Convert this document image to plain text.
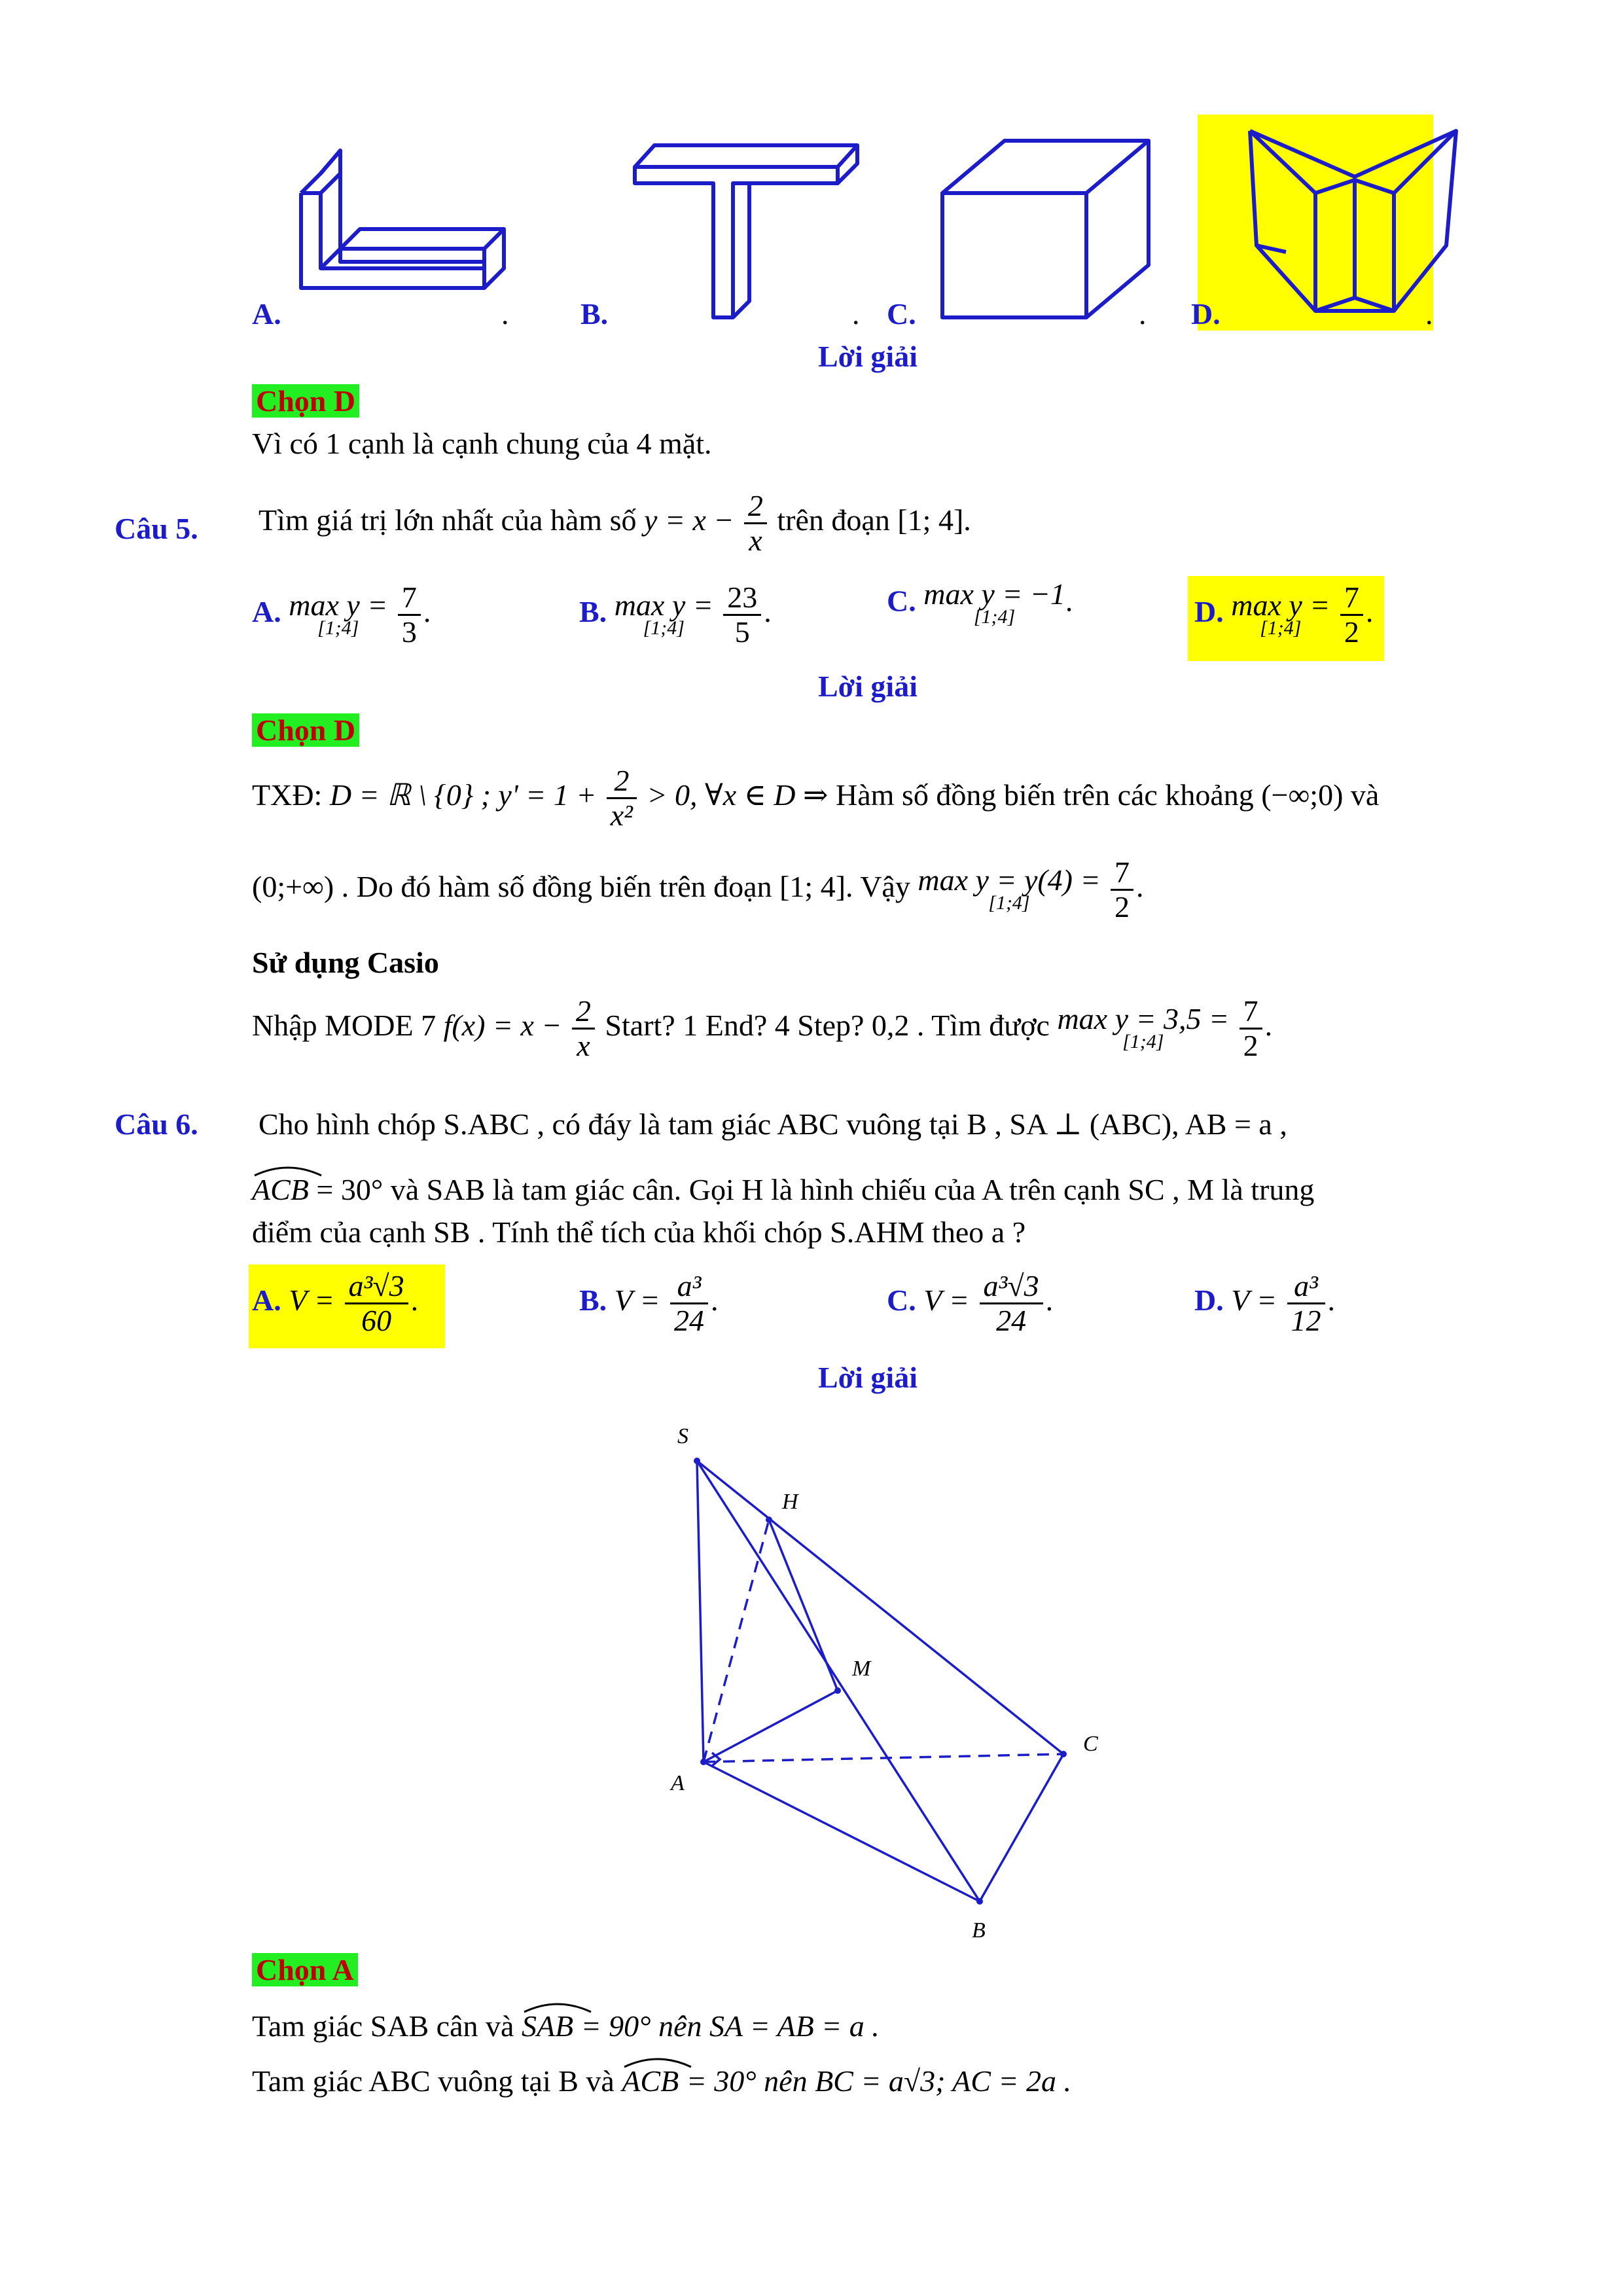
A.	. B.	. C.	. D.	.
Lời giải
Chọn D
Vì có 1 cạnh là cạnh chung của 4 mặt.
Câu 5. Tìm giá trị lớn nhất của hàm số $y = x - \frac{2}{x}$ trên đoạn [1; 4].
A. max y =
[1;4]
	$\frac{7}{3}$ .	B. max y =
[1;4]
	$\frac{23}{5}$ .	C. max y = −1
[1;4]	.	D. max y =
[1;4]
	$\frac{7}{2}$ .
Lời giải
Chọn D
TXĐ: D = ℝ \ {0} ; $y' = 1 + \frac{2}{\text{x²}} > 0$, ∀x ∈ D ⇒ Hàm số đồng biến trên các khoảng (−∞;0) và
(0;+∞) . Do đó hàm số đồng biến trên đoạn [1; 4]. Vậy max y = y(4) =
[1;4]
	$\frac{7}{2}$ .
Sử dụng Casio
Nhập MODE 7 $f(x) = x - \frac{2}{x}$ Start? 1 End? 4 Step? 0,2 . Tìm được max y = 3,5 =
[1;4]
	$\frac{7}{2}$ .
Câu 6. Cho hình chóp S.ABC , có đáy là tam giác ABC vuông tại B , SA ⊥ (ABC), AB = a ,
ACB = 30° và SAB là tam giác cân. Gọi H là hình chiếu của A trên cạnh SC , M là trung
điểm của cạnh SB . Tính thể tích của khối chóp S.AHM theo a ?
A. $V = \frac{\text{a³√3}}{60}$ .	B. $V = \frac{\text{a³}}{24}$ .	C. $V = \frac{\text{a³√3}}{24}$ .	D. $V = \frac{\text{a³}}{12}$ .
Lời giải
S
H
M
A
C
B
Chọn A
Tam giác SAB cân và SAB = 90° nên SA = AB = a .
Tam giác ABC vuông tại B và ACB = 30° nên BC = a√3; AC = 2a .
